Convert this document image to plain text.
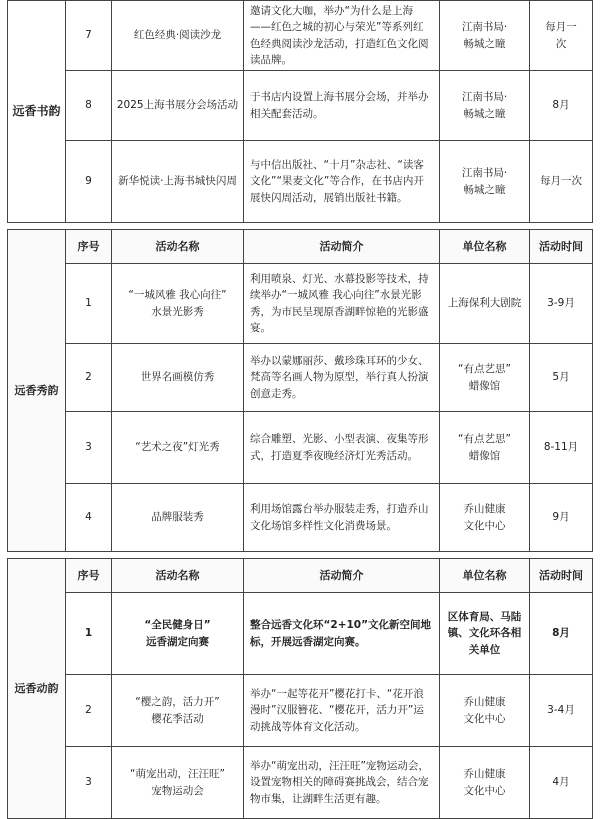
远香书韵	7	红色经典·阅读沙龙	邀请文化大咖，举办“为什么是上海——红色之城的初心与荣光”等系列红色经典阅读沙龙活动，打造红色文化阅读品牌。	江南书局·
畅城之瞳	每月一
次
	8	2025上海书展分会场活动	于书店内设置上海书展分会场，并举办相关配套活动。	江南书局·
畅城之瞳	8月
	9	新华悦读·上海书城快闪周	与中信出版社、“十月”杂志社、“读客文化”“果麦文化”等合作，在书店内开展快闪周活动，展销出版社书籍。	江南书局·
畅城之瞳	每月一次

远香秀韵	序号	活动名称	活动简介	单位名称	活动时间
	1	“一城风雅 我心向往”
水景光影秀	利用喷泉、灯光、水幕投影等技术，持续举办“一城风雅 我心向往”水景光影秀，为市民呈现原香湖畔惊艳的光影盛宴。	上海保利大剧院	3-9月
	2	世界名画模仿秀	举办以蒙娜丽莎、戴珍珠耳环的少女、梵高等名画人物为原型，举行真人扮演创意走秀。	“有点艺思”
蜡像馆	5月
	3	“艺术之夜”灯光秀	综合雕塑、光影、小型表演、夜集等形式，打造夏季夜晚经济灯光秀活动。	“有点艺思”
蜡像馆	8-11月
	4	品牌服装秀	利用场馆露台举办服装走秀，打造乔山文化场馆多样性文化消费场景。	乔山健康
文化中心	9月

远香动韵	序号	活动名称	活动简介	单位名称	活动时间
	1	“全民健身日”
远香湖定向赛	整合远香文化环“2+10”文化新空间地标，开展远香湖定向赛。	区体育局、马陆镇、文化环各相关单位	8月
	2	“樱之韵，活力开”
樱花季活动	举办“一起等花开”樱花打卡、“花开浪漫时”汉服簪花、“樱花开，活力开”运动挑战等体育文化活动。	乔山健康
文化中心	3-4月
	3	“萌宠出动，汪汪旺”
宠物运动会	举办“萌宠出动，汪汪旺”宠物运动会，设置宠物相关的障碍赛挑战会，结合宠物市集，让湖畔生活更有趣。	乔山健康
文化中心	4月
